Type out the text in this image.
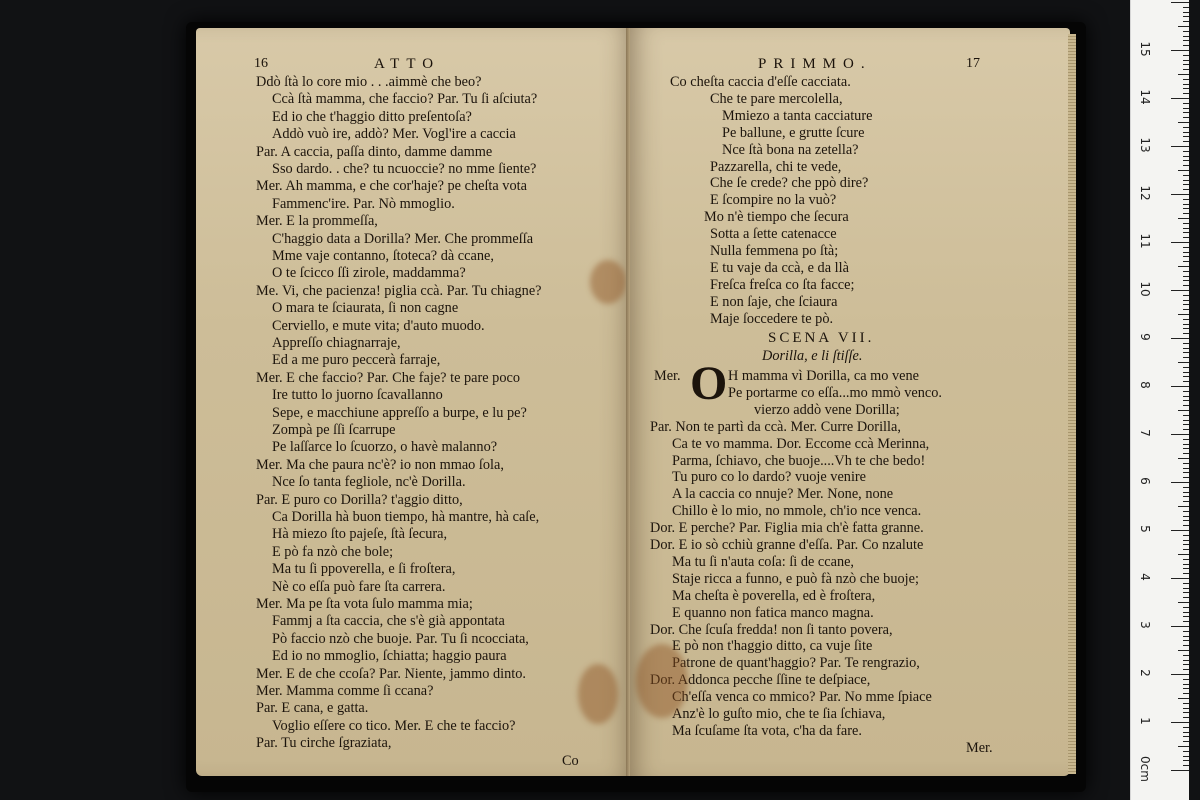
16	ATTO
Ddò ſtà lo core mio . . .aimmè che beo?
Ccà ſtà mamma, che faccio? Par. Tu ſi aſciuta?
Ed io che t'haggio ditto preſentoſa?
Addò vuò ire, addò? Mer. Vogl'ire a caccia
Par. A caccia, paſſa dinto, damme damme
Sso dardo. . che? tu ncuoccie? no mme ſiente?
Mer. Ah mamma, e che cor'haje? pe cheſta vota
Fammenc'ire. Par. Nò mmoglio.
Mer. E la prommeſſa,
C'haggio data a Dorilla? Mer. Che prommeſſa
Mme vaje contanno, ſtoteca? dà ccane,
O te ſcicco ſſi zirole, maddamma?
Me. Vi, che pacienza! piglia ccà. Par. Tu chiagne?
O mara te ſciaurata, ſi non cagne
Cerviello, e mute vita; d'auto muodo.
Appreſſo chiagnarraje,
Ed a me puro peccerà farraje,
Mer. E che faccio? Par. Che faje? te pare poco
Ire tutto lo juorno ſcavallanno
Sepe, e macchiune appreſſo a burpe, e lu pe?
Zompà pe ſſi ſcarrupe
Pe laſſarce lo ſcuorzo, o havè malanno?
Mer. Ma che paura nc'è? io non mmao ſola,
Nce ſo tanta fegliole, nc'è Dorilla.
Par. E puro co Dorilla? t'aggio ditto,
Ca Dorilla hà buon tiempo, hà mantre, hà caſe,
Hà miezo ſto pajeſe, ſtà ſecura,
E pò fa nzò che bole;
Ma tu ſi ppoverella, e ſi froſtera,
Nè co eſſa può fare ſta carrera.
Mer. Ma pe ſta vota ſulo mamma mia;
Fammj a ſta caccia, che s'è già appontata
Pò faccio nzò che buoje. Par. Tu ſi ncocciata,
Ed io no mmoglio, ſchiatta; haggio paura
Mer. E de che ccoſa? Par. Niente, jammo dinto.
Mer. Mamma comme ſi ccana?
Par. E cana, e gatta.
Voglio eſſere co tico. Mer. E che te faccio?
Par. Tu cirche ſgraziata,
Co
PRIMMO.	17
Co cheſta caccia d'eſſe cacciata.
Che te pare mercolella,
Mmiezo a tanta cacciature
Pe ballune, e grutte ſcure
Nce ſtà bona na zetella?
Pazzarella, chi te vede,
Che ſe crede? che ppò dire?
E ſcompire no la vuò?
Mo n'è tiempo che ſecura
Sotta a ſette catenacce
Nulla femmena po ſtà;
E tu vaje da ccà, e da llà
Freſca freſca co ſta facce;
E non ſaje, che ſciaura
Maje ſoccedere te pò.
SCENA VII.
Dorilla, e li ſtiſſe.
Mer. O H mamma vì Dorilla, ca mo vene
Pe portarme co eſſa...mo mmò venco.
vierzo addò vene Dorilla;
Par. Non te partì da ccà. Mer. Curre Dorilla,
Ca te vo mamma. Dor. Eccome ccà Merinna,
Parma, ſchiavo, che buoje....Vh te che bedo!
Tu puro co lo dardo? vuoje venire
A la caccia co nnuje? Mer. None, none
Chillo è lo mio, no mmole, ch'io nce venca.
Dor. E perche? Par. Figlia mia ch'è fatta granne.
Dor. E io sò cchiù granne d'eſſa. Par. Co nzalute
Ma tu ſi n'auta coſa: ſi de ccane,
Staje ricca a funno, e può fà nzò che buoje;
Ma cheſta è poverella, ed è froſtera,
E quanno non fatica manco magna.
Dor. Che ſcuſa fredda! non ſi tanto povera,
E pò non t'haggio ditto, ca vuje ſite
Patrone de quant'haggio? Par. Te rengrazio,
Dor. Addonca pecche ſſine te deſpiace,
Ch'eſſa venca co mmico? Par. No mme ſpiace
Anz'è lo guſto mio, che te ſia ſchiava,
Ma ſcuſame ſta vota, c'ha da fare.
Mer.
0cm
1
2
3
4
5
6
7
8
9
10
11
12
13
14
15
